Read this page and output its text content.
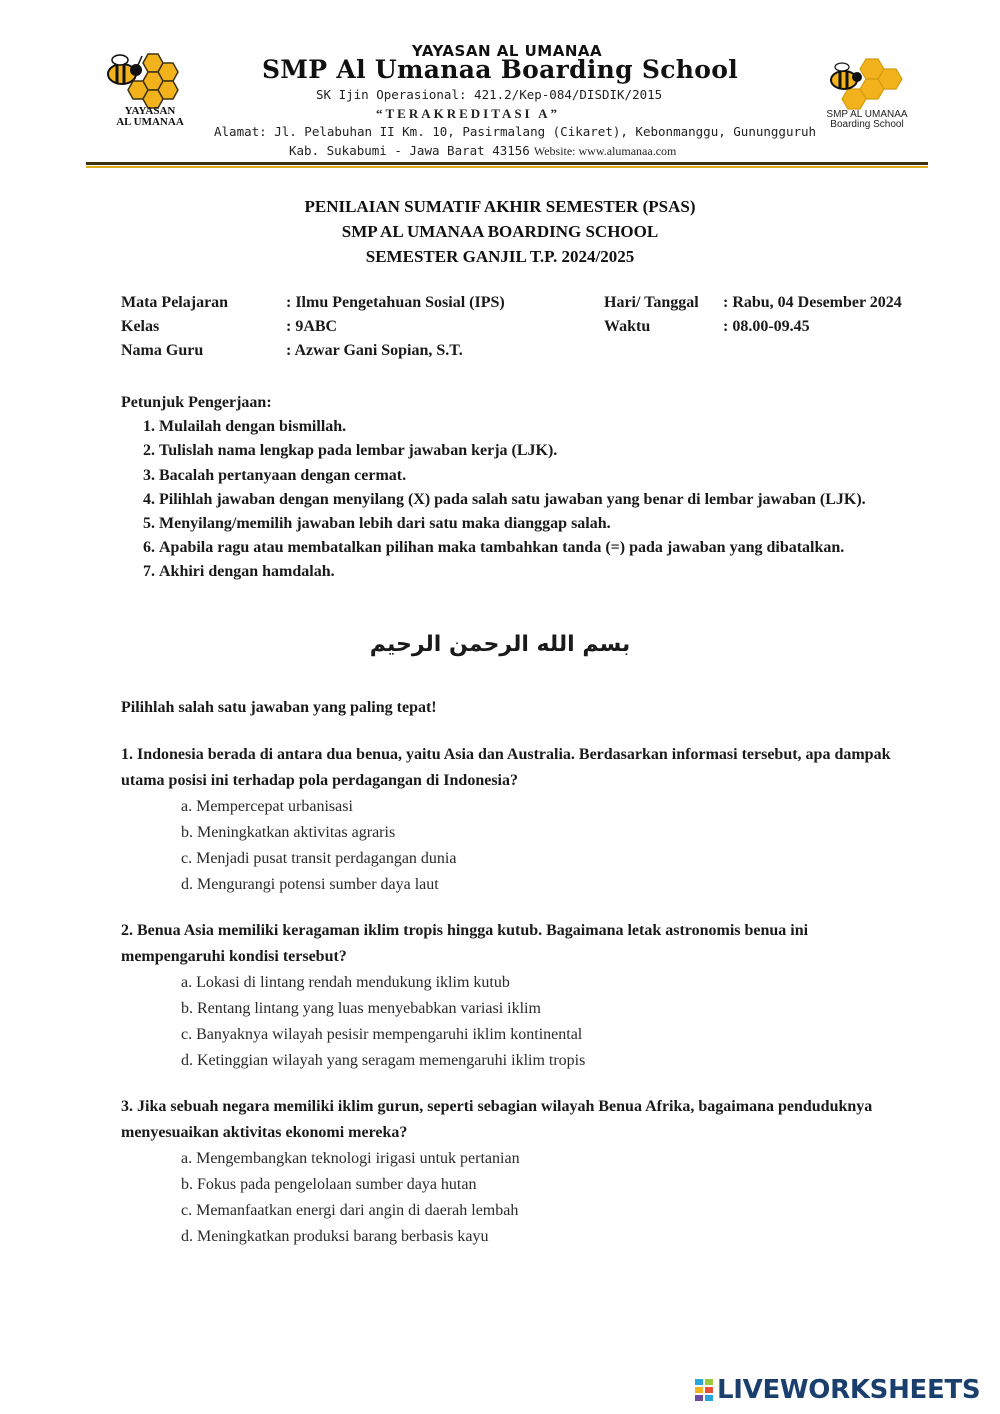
YAYASAN
AL UMANAA
YAYASAN AL UMANAA
SMP Al Umanaa Boarding School
SK Ijin Operasional: 421.2/Kep-084/DISDIK/2015
“TERAKREDITASI A”
Alamat: Jl. Pelabuhan II Km. 10, Pasirmalang (Cikaret), Kebonmanggu, Gunungguruh
Kab. Sukabumi - Jawa Barat 43156 Website: www.alumanaa.com
SMP AL UMANAA
Boarding School
PENILAIAN SUMATIF AKHIR SEMESTER (PSAS)
SMP AL UMANAA BOARDING SCHOOL
SEMESTER GANJIL T.P. 2024/2025
Mata Pelajaran	: Ilmu Pengetahuan Sosial (IPS)	Hari/ Tanggal : Rabu, 04 Desember 2024
Kelas	: 9ABC	Waktu	: 08.00-09.45
Nama Guru	: Azwar Gani Sopian, S.T.
Petunjuk Pengerjaan:
1. Mulailah dengan bismillah.
2. Tulislah nama lengkap pada lembar jawaban kerja (LJK).
3. Bacalah pertanyaan dengan cermat.
4. Pilihlah jawaban dengan menyilang (X) pada salah satu jawaban yang benar di lembar jawaban (LJK).
5. Menyilang/memilih jawaban lebih dari satu maka dianggap salah.
6. Apabila ragu atau membatalkan pilihan maka tambahkan tanda (=) pada jawaban yang dibatalkan.
7. Akhiri dengan hamdalah.
بسم الله الرحمن الرحيم
Pilihlah salah satu jawaban yang paling tepat!
1. Indonesia berada di antara dua benua, yaitu Asia dan Australia. Berdasarkan informasi tersebut, apa dampak utama posisi ini terhadap pola perdagangan di Indonesia?
a. Mempercepat urbanisasi
b. Meningkatkan aktivitas agraris
c. Menjadi pusat transit perdagangan dunia
d. Mengurangi potensi sumber daya laut
2. Benua Asia memiliki keragaman iklim tropis hingga kutub. Bagaimana letak astronomis benua ini mempengaruhi kondisi tersebut?
a. Lokasi di lintang rendah mendukung iklim kutub
b. Rentang lintang yang luas menyebabkan variasi iklim
c. Banyaknya wilayah pesisir mempengaruhi iklim kontinental
d. Ketinggian wilayah yang seragam memengaruhi iklim tropis
3. Jika sebuah negara memiliki iklim gurun, seperti sebagian wilayah Benua Afrika, bagaimana penduduknya menyesuaikan aktivitas ekonomi mereka?
a. Mengembangkan teknologi irigasi untuk pertanian
b. Fokus pada pengelolaan sumber daya hutan
c. Memanfaatkan energi dari angin di daerah lembah
d. Meningkatkan produksi barang berbasis kayu
LIVEWORKSHEETS
